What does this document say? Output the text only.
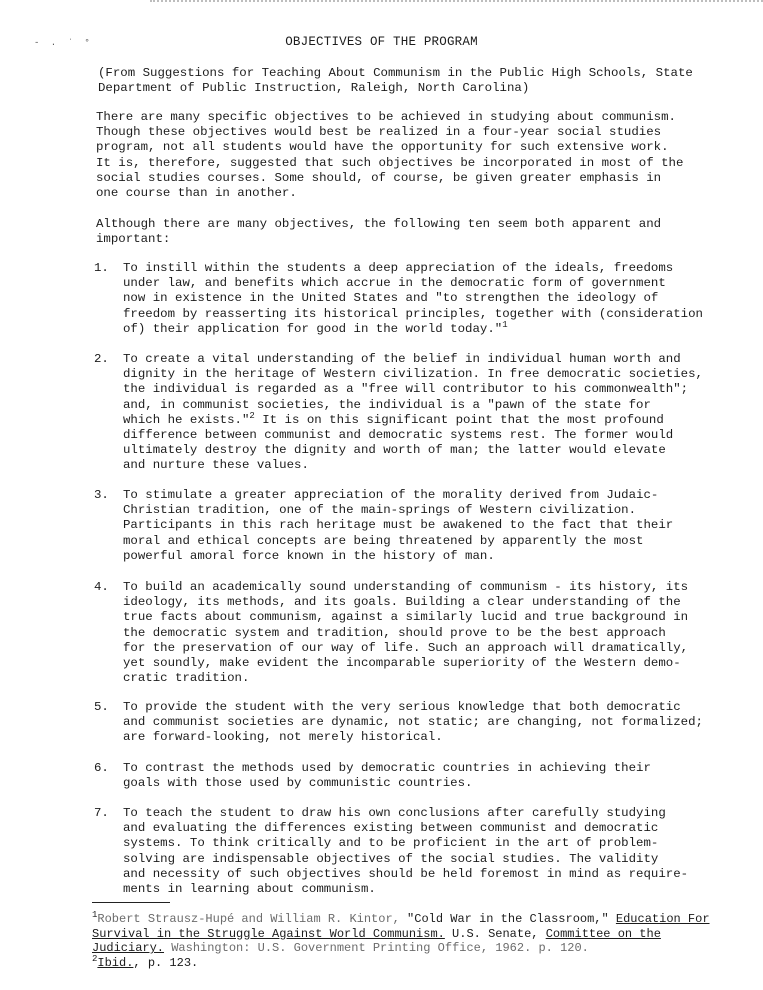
- . ˈ °	OBJECTIVES OF THE PROGRAM
(From Suggestions for Teaching About Communism in the Public High Schools, State
Department of Public Instruction, Raleigh, North Carolina)
There are many specific objectives to be achieved in studying about communism.
Though these objectives would best be realized in a four-year social studies
program, not all students would have the opportunity for such extensive work.
It is, therefore, suggested that such objectives be incorporated in most of the
social studies courses. Some should, of course, be given greater emphasis in
one course than in another.
Although there are many objectives, the following ten seem both apparent and
important:
1.	To instill within the students a deep appreciation of the ideals, freedoms
under law, and benefits which accrue in the democratic form of government
now in existence in the United States and "to strengthen the ideology of
freedom by reasserting its historical principles, together with (consideration
of) their application for good in the world today."$^1$
2.	To create a vital understanding of the belief in individual human worth and
dignity in the heritage of Western civilization. In free democratic societies,
the individual is regarded as a "free will contributor to his commonwealth";
and, in communist societies, the individual is a "pawn of the state for
which he exists."$^2$ It is on this significant point that the most profound
difference between communist and democratic systems rest. The former would
ultimately destroy the dignity and worth of man; the latter would elevate
and nurture these values.
3.	To stimulate a greater appreciation of the morality derived from Judaic-
Christian tradition, one of the main-springs of Western civilization.
Participants in this rach heritage must be awakened to the fact that their
moral and ethical concepts are being threatened by apparently the most
powerful amoral force known in the history of man.
4.	To build an academically sound understanding of communism - its history, its
ideology, its methods, and its goals. Building a clear understanding of the
true facts about communism, against a similarly lucid and true background in
the democratic system and tradition, should prove to be the best approach
for the preservation of our way of life. Such an approach will dramatically,
yet soundly, make evident the incomparable superiority of the Western demo-
cratic tradition.
5.	To provide the student with the very serious knowledge that both democratic
and communist societies are dynamic, not static; are changing, not formalized;
are forward-looking, not merely historical.
6.	To contrast the methods used by democratic countries in achieving their
goals with those used by communistic countries.
7.	To teach the student to draw his own conclusions after carefully studying
and evaluating the differences existing between communist and democratic
systems. To think critically and to be proficient in the art of problem-
solving are indispensable objectives of the social studies. The validity
and necessity of such objectives should be held foremost in mind as require-
ments in learning about communism.
$^1$Robert Strausz-Hupé and William R. Kintor, "Cold War in the Classroom," Education For Survival in the Struggle Against World Communism. U.S. Senate, Committee on the Judiciary. Washington: U.S. Government Printing Office, 1962. p. 120.
$^2$Ibid., p. 123.
